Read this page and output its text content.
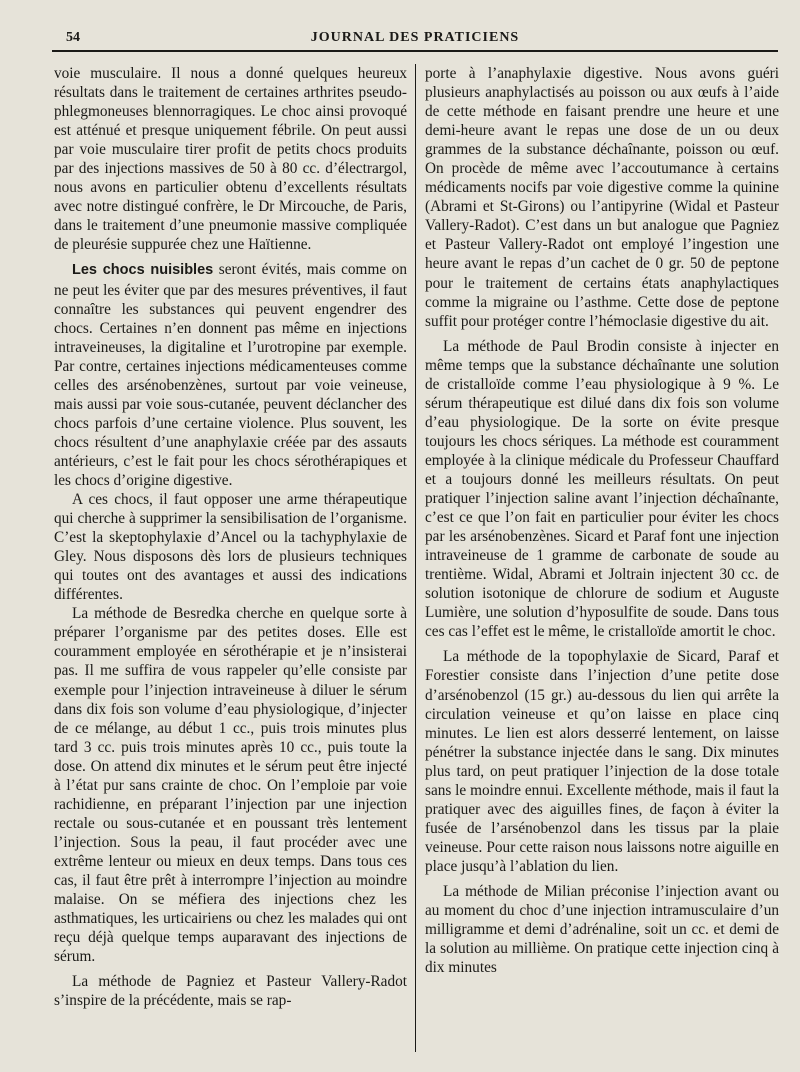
54	JOURNAL DES PRATICIENS

voie musculaire. Il nous a donné quelques heureux résultats dans le traitement de certaines arthrites pseudo-phlegmoneuses blennorragiques. Le choc ainsi provoqué est atténué et presque uniquement fébrile. On peut aussi par voie musculaire tirer profit de petits chocs produits par des injections massives de 50 à 80 cc. d’électrargol, nous avons en particulier obtenu d’excellents résultats avec notre distingué confrère, le Dr Mircouche, de Paris, dans le traitement d’une pneumonie massive compliquée de pleurésie suppurée chez une Haïtienne.

Les chocs nuisibles seront évités, mais comme on ne peut les éviter que par des mesures préventives, il faut connaître les substances qui peuvent engendrer des chocs. Certaines n’en donnent pas même en injections intraveineuses, la digitaline et l’urotropine par exemple. Par contre, certaines injections médicamenteuses comme celles des arsénobenzènes, surtout par voie veineuse, mais aussi par voie sous-cutanée, peuvent déclancher des chocs parfois d’une certaine violence. Plus souvent, les chocs résultent d’une anaphylaxie créée par des assauts antérieurs, c’est le fait pour les chocs sérothérapiques et les chocs d’origine digestive.

A ces chocs, il faut opposer une arme thérapeutique qui cherche à supprimer la sensibilisation de l’organisme. C’est la skeptophylaxie d’Ancel ou la tachyphylaxie de Gley. Nous disposons dès lors de plusieurs techniques qui toutes ont des avantages et aussi des indications différentes.

La méthode de Besredka cherche en quelque sorte à préparer l’organisme par des petites doses. Elle est couramment employée en sérothérapie et je n’insisterai pas. Il me suffira de vous rappeler qu’elle consiste par exemple pour l’injection intraveineuse à diluer le sérum dans dix fois son volume d’eau physiologique, d’injecter de ce mélange, au début 1 cc., puis trois minutes plus tard 3 cc. puis trois minutes après 10 cc., puis toute la dose. On attend dix minutes et le sérum peut être injecté à l’état pur sans crainte de choc. On l’emploie par voie rachidienne, en préparant l’injection par une injection rectale ou sous-cutanée et en poussant très lentement l’injection. Sous la peau, il faut procéder avec une extrême lenteur ou mieux en deux temps. Dans tous ces cas, il faut être prêt à interrompre l’injection au moindre malaise. On se méfiera des injections chez les asthmatiques, les urticairiens ou chez les malades qui ont reçu déjà quelque temps auparavant des injections de sérum.

La méthode de Pagniez et Pasteur Vallery-Radot s’inspire de la précédente, mais se rap-

porte à l’anaphylaxie digestive. Nous avons guéri plusieurs anaphylactisés au poisson ou aux œufs à l’aide de cette méthode en faisant prendre une heure et une demi-heure avant le repas une dose de un ou deux grammes de la substance déchaînante, poisson ou œuf. On procède de même avec l’accoutumance à certains médicaments nocifs par voie digestive comme la quinine (Abrami et St-Girons) ou l’antipyrine (Widal et Pasteur Vallery-Radot). C’est dans un but analogue que Pagniez et Pasteur Vallery-Radot ont employé l’ingestion une heure avant le repas d’un cachet de 0 gr. 50 de peptone pour le traitement de certains états anaphylactiques comme la migraine ou l’asthme. Cette dose de peptone suffit pour protéger contre l’hémoclasie digestive du ait.

La méthode de Paul Brodin consiste à injecter en même temps que la substance déchaînante une solution de cristalloïde comme l’eau physiologique à 9 %. Le sérum thérapeutique est dilué dans dix fois son volume d’eau physiologique. De la sorte on évite presque toujours les chocs sériques. La méthode est couramment employée à la clinique médicale du Professeur Chauffard et a toujours donné les meilleurs résultats. On peut pratiquer l’injection saline avant l’injection déchaînante, c’est ce que l’on fait en particulier pour éviter les chocs par les arsénobenzènes. Sicard et Paraf font une injection intraveineuse de 1 gramme de carbonate de soude au trentième. Widal, Abrami et Joltrain injectent 30 cc. de solution isotonique de chlorure de sodium et Auguste Lumière, une solution d’hyposulfite de soude. Dans tous ces cas l’effet est le même, le cristalloïde amortit le choc.

La méthode de la topophylaxie de Sicard, Paraf et Forestier consiste dans l’injection d’une petite dose d’arsénobenzol (15 gr.) au-dessous du lien qui arrête la circulation veineuse et qu’on laisse en place cinq minutes. Le lien est alors desserré lentement, on laisse pénétrer la substance injectée dans le sang. Dix minutes plus tard, on peut pratiquer l’injection de la dose totale sans le moindre ennui. Excellente méthode, mais il faut la pratiquer avec des aiguilles fines, de façon à éviter la fusée de l’arsénobenzol dans les tissus par la plaie veineuse. Pour cette raison nous laissons notre aiguille en place jusqu’à l’ablation du lien.

La méthode de Milian préconise l’injection avant ou au moment du choc d’une injection intramusculaire d’un milligramme et demi d’adrénaline, soit un cc. et demi de la solution au millième. On pratique cette injection cinq à dix minutes
